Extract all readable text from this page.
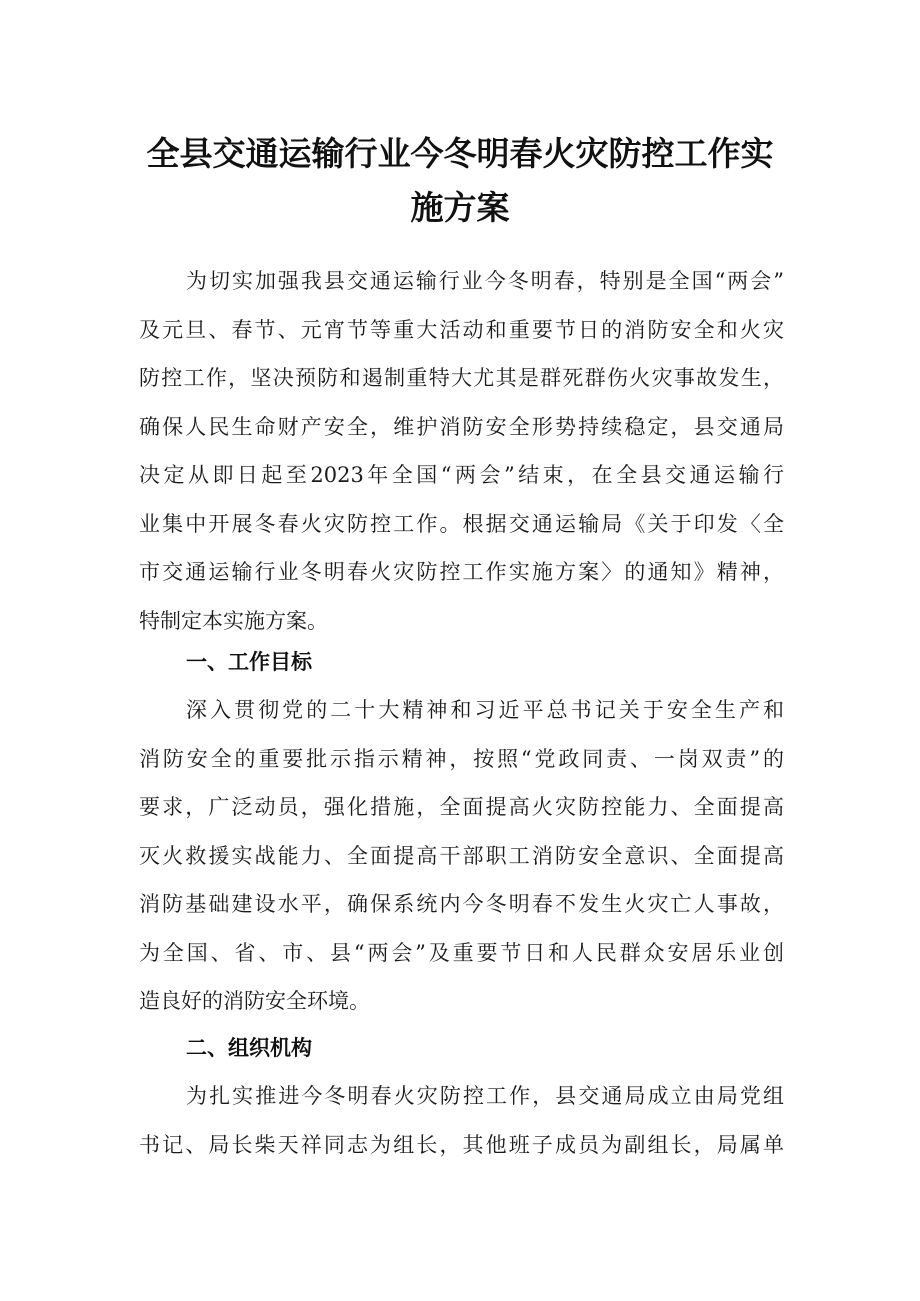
全县交通运输行业今冬明春火灾防控工作实
施方案
为切实加强我县交通运输行业今冬明春，特别是全国“两会”
及元旦、春节、元宵节等重大活动和重要节日的消防安全和火灾
防控工作，坚决预防和遏制重特大尤其是群死群伤火灾事故发生，
确保人民生命财产安全，维护消防安全形势持续稳定，县交通局
决定从即日起至2023年全国“两会”结束，在全县交通运输行
业集中开展冬春火灾防控工作。根据交通运输局《关于印发〈全
市交通运输行业冬明春火灾防控工作实施方案〉的通知》精神，
特制定本实施方案。
一、工作目标
深入贯彻党的二十大精神和习近平总书记关于安全生产和
消防安全的重要批示指示精神，按照“党政同责、一岗双责”的
要求，广泛动员，强化措施，全面提高火灾防控能力、全面提高
灭火救援实战能力、全面提高干部职工消防安全意识、全面提高
消防基础建设水平，确保系统内今冬明春不发生火灾亡人事故，
为全国、省、市、县“两会”及重要节日和人民群众安居乐业创
造良好的消防安全环境。
二、组织机构
为扎实推进今冬明春火灾防控工作，县交通局成立由局党组
书记、局长柴天祥同志为组长，其他班子成员为副组长，局属单
